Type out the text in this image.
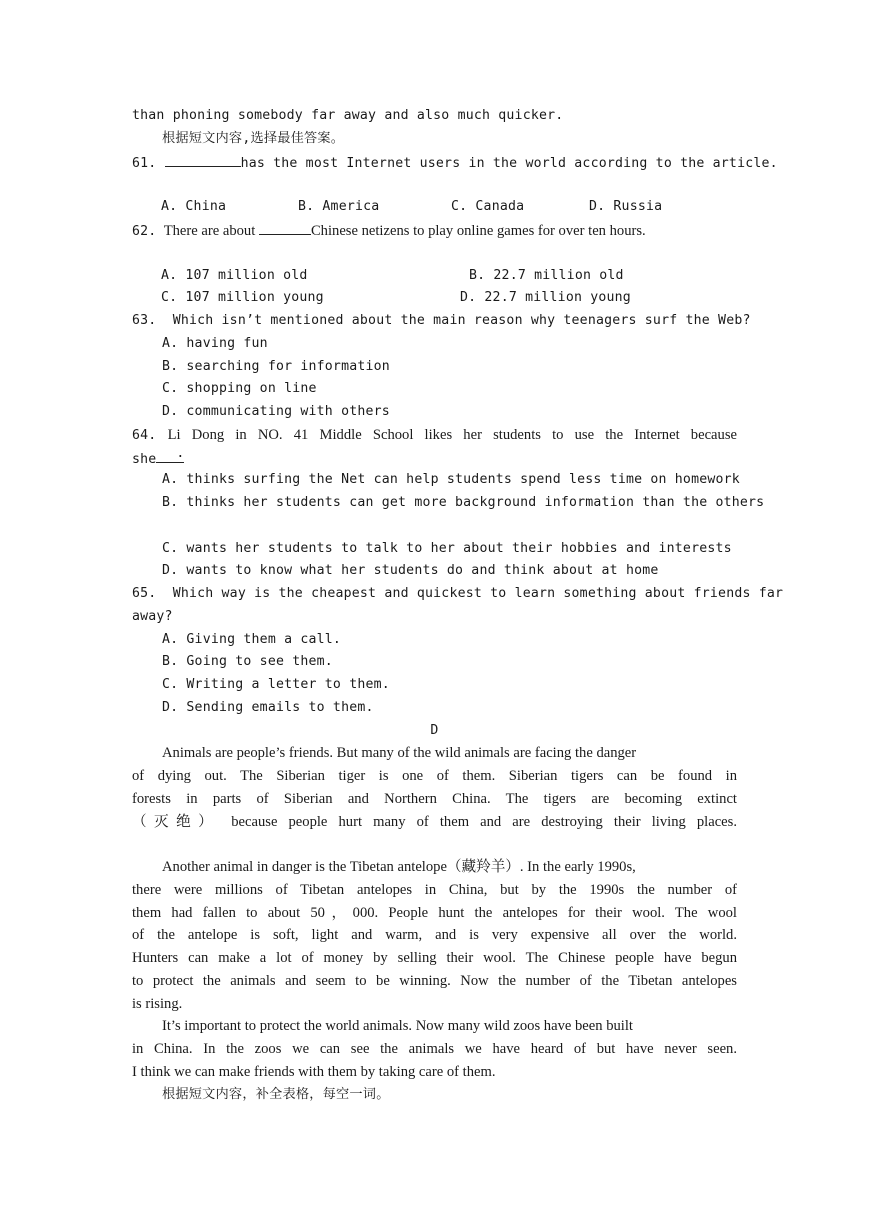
than phoning somebody far away and also much quicker.
根据短文内容,选择最佳答案。
61.	has the most Internet users in the world according to the article.
A. China	B. America	C. Canada	D. Russia
62. There are about	Chinese netizens to play online games for over ten hours.
A. 107 million old	B. 22.7 million old
C. 107 million young	D. 22.7 million young
63. Which isn’t mentioned about the main reason why teenagers surf the Web?
A. having fun
B. searching for information
C. shopping on line
D. communicating with others
64. Li Dong in NO. 41 Middle School likes her students to use the Internet because
she .
A. thinks surfing the Net can help students spend less time on homework
B. thinks her students can get more background information than the others
C. wants her students to talk to her about their hobbies and interests
D. wants to know what her students do and think about at home
65. Which way is the cheapest and quickest to learn something about friends far
away?
A. Giving them a call.
B. Going to see them.
C. Writing a letter to them.
D. Sending emails to them.
D
Animals are people’s friends. But many of the wild animals are facing the danger
of dying out. The Siberian tiger is one of them. Siberian tigers can be found in
forests in parts of Siberian and Northern China. The tigers are becoming extinct
（灭绝） because people hurt many of them and are destroying their living places.
Another animal in danger is the Tibetan antelope（藏羚羊）. In the early 1990s,
there were millions of Tibetan antelopes in China, but by the 1990s the number of
them had fallen to about 50，000. People hunt the antelopes for their wool. The wool
of the antelope is soft, light and warm, and is very expensive all over the world.
Hunters can make a lot of money by selling their wool. The Chinese people have begun
to protect the animals and seem to be winning. Now the number of the Tibetan antelopes
is rising.
It’s important to protect the world animals. Now many wild zoos have been built
in China. In the zoos we can see the animals we have heard of but have never seen.
I think we can make friends with them by taking care of them.
根据短文内容，补全表格，每空一词。
